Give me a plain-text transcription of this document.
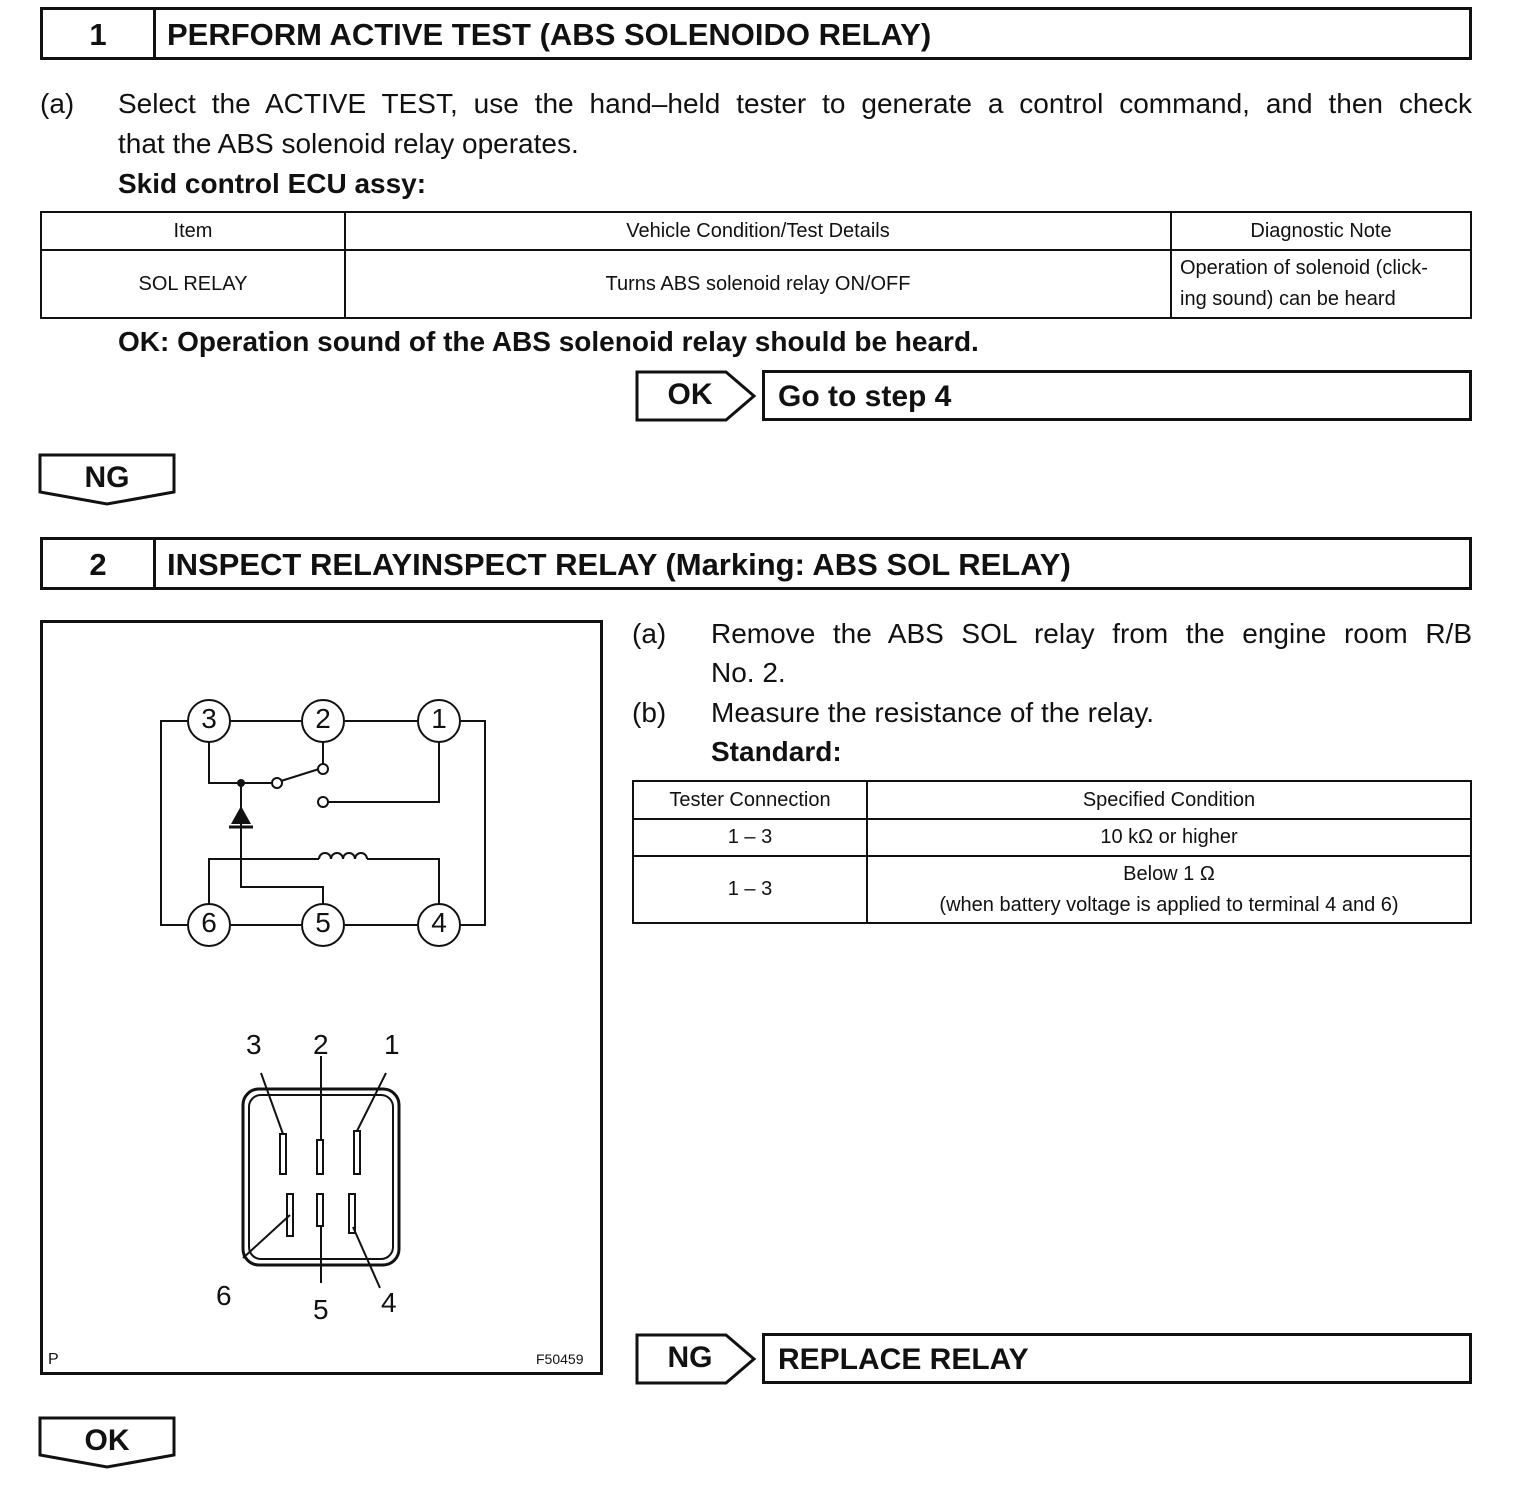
1	PERFORM ACTIVE TEST (ABS SOLENOIDO RELAY)
(a) Select the ACTIVE TEST, use the hand–held tester to generate a control command, and then check
that the ABS solenoid relay operates.
Skid control ECU assy:
Item	Vehicle Condition/Test Details	Diagnostic Note
SOL RELAY	Turns ABS solenoid relay ON/OFF	Operation of solenoid (click-
ing sound) can be heard
OK: Operation sound of the ABS solenoid relay should be heard.
OK	Go to step 4
NG
2	INSPECT RELAYINSPECT RELAY (Marking: ABS SOL RELAY)
3	2	1
6	5	4
3 2 1
6	5 4
P	F50459
(a) Remove the ABS SOL relay from the engine room R/B
No. 2.
(b) Measure the resistance of the relay.
Standard:
Tester Connection	Specified Condition
1 – 3	10 kΩ or higher
1 – 3	Below 1 Ω
(when battery voltage is applied to terminal 4 and 6)
NG	REPLACE RELAY
OK
